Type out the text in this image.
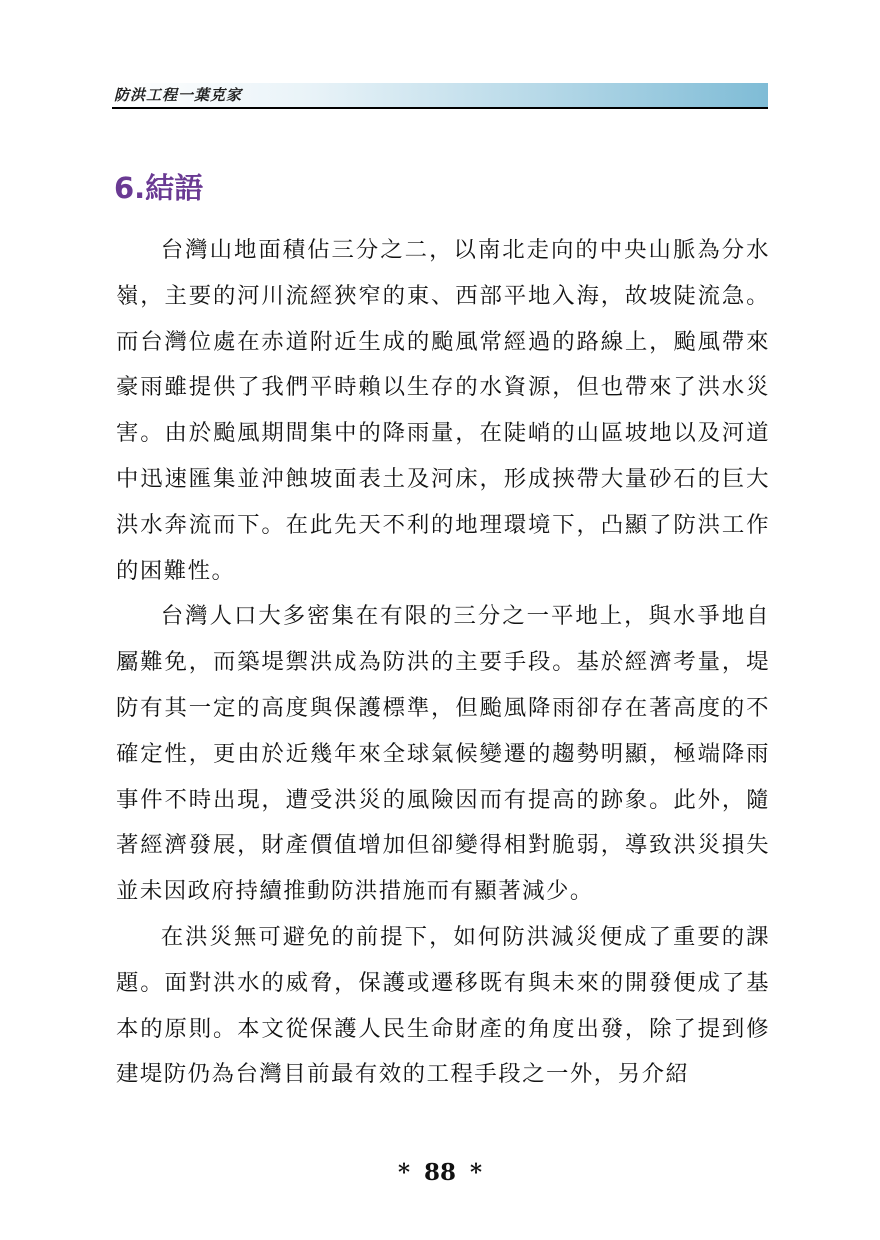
防洪工程一葉克家
6.結語

台灣山地面積佔三分之二，以南北走向的中央山脈為分水嶺，主要的河川流經狹窄的東、西部平地入海，故坡陡流急。而台灣位處在赤道附近生成的颱風常經過的路線上，颱風帶來豪雨雖提供了我們平時賴以生存的水資源，但也帶來了洪水災害。由於颱風期間集中的降雨量，在陡峭的山區坡地以及河道中迅速匯集並沖蝕坡面表土及河床，形成挾帶大量砂石的巨大洪水奔流而下。在此先天不利的地理環境下，凸顯了防洪工作的困難性。

台灣人口大多密集在有限的三分之一平地上，與水爭地自屬難免，而築堤禦洪成為防洪的主要手段。基於經濟考量，堤防有其一定的高度與保護標準，但颱風降雨卻存在著高度的不確定性，更由於近幾年來全球氣候變遷的趨勢明顯，極端降雨事件不時出現，遭受洪災的風險因而有提高的跡象。此外，隨著經濟發展，財產價值增加但卻變得相對脆弱，導致洪災損失並未因政府持續推動防洪措施而有顯著減少。

在洪災無可避免的前提下，如何防洪減災便成了重要的課題。面對洪水的威脅，保護或遷移既有與未來的開發便成了基本的原則。本文從保護人民生命財產的角度出發，除了提到修建堤防仍為台灣目前最有效的工程手段之一外，另介紹

* 88 *
